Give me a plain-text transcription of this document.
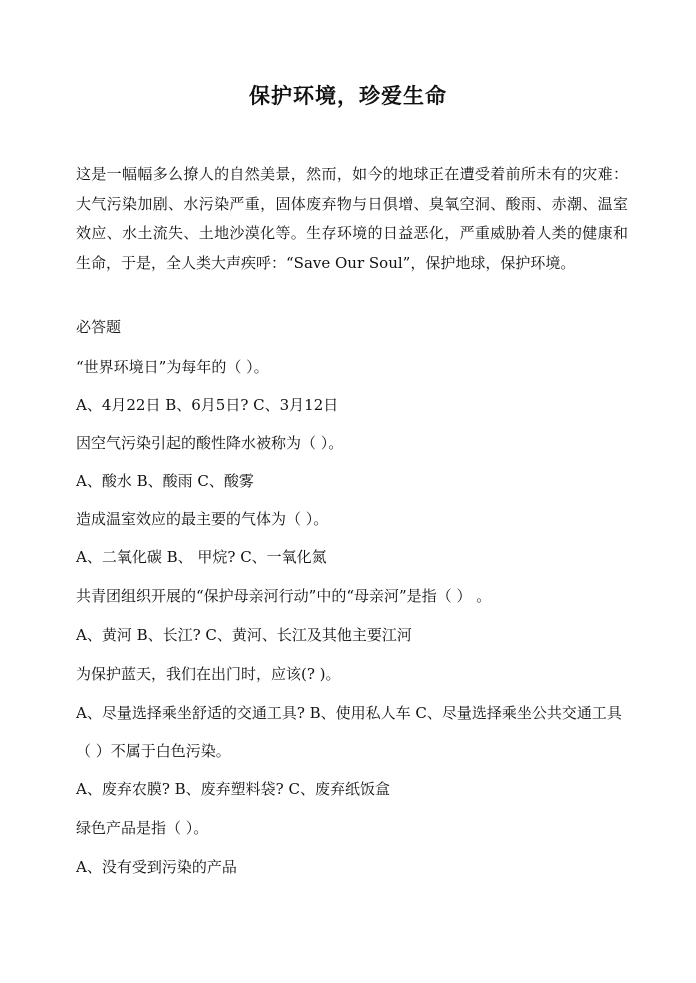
保护环境，珍爱生命
这是一幅幅多么撩人的自然美景，然而，如今的地球正在遭受着前所未有的灾难：大气污染加剧、水污染严重，固体废弃物与日俱增、臭氧空洞、酸雨、赤潮、温室效应、水土流失、土地沙漠化等。生存环境的日益恶化，严重威胁着人类的健康和生命，于是，全人类大声疾呼：“Save Our Soul”，保护地球，保护环境。
必答题
“世界环境日”为每年的（ ）。
A、4月22日 B、6月5日? C、3月12日
因空气污染引起的酸性降水被称为（ ）。
A、酸水 B、酸雨 C、酸雾
造成温室效应的最主要的气体为（ ）。
A、二氧化碳 B、 甲烷? C、一氧化氮
共青团组织开展的“保护母亲河行动”中的“母亲河”是指（ ） 。
A、黄河 B、长江? C、黄河、长江及其他主要江河
为保护蓝天，我们在出门时，应该(? )。
A、尽量选择乘坐舒适的交通工具? B、使用私人车 C、尽量选择乘坐公共交通工具
（ ）不属于白色污染。
A、废弃农膜? B、废弃塑料袋? C、废弃纸饭盒
绿色产品是指（ ）。
A、没有受到污染的产品
